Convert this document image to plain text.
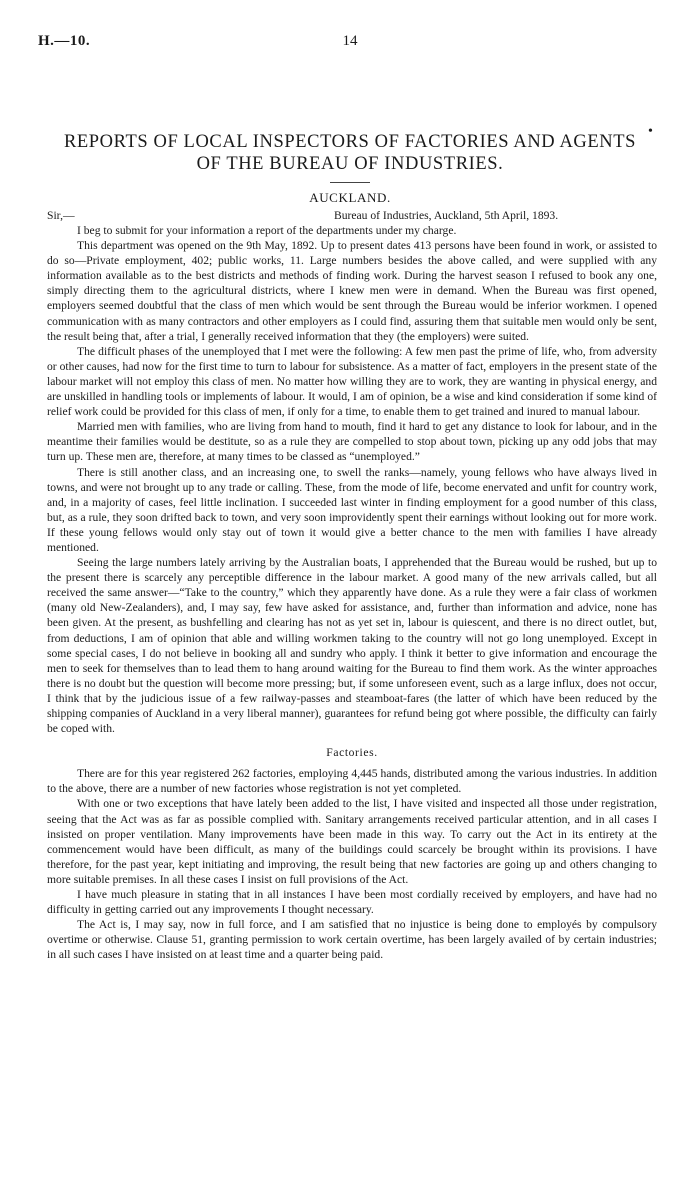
H.—10.	14
•
REPORTS OF LOCAL INSPECTORS OF FACTORIES AND AGENTS
OF THE BUREAU OF INDUSTRIES.
AUCKLAND.
Sir,—	Bureau of Industries, Auckland, 5th April, 1893.

I beg to submit for your information a report of the departments under my charge.

This department was opened on the 9th May, 1892. Up to present dates 413 persons have been found in work, or assisted to do so—Private employment, 402; public works, 11. Large numbers besides the above called, and were supplied with any information available as to the best districts and methods of finding work. During the harvest season I refused to book any one, simply directing them to the agricultural districts, where I knew men were in demand. When the Bureau was first opened, employers seemed doubtful that the class of men which would be sent through the Bureau would be inferior workmen. I opened communication with as many contractors and other employers as I could find, assuring them that suitable men would only be sent, the result being that, after a trial, I generally received information that they (the employers) were suited.

The difficult phases of the unemployed that I met were the following: A few men past the prime of life, who, from adversity or other causes, had now for the first time to turn to labour for subsistence. As a matter of fact, employers in the present state of the labour market will not employ this class of men. No matter how willing they are to work, they are wanting in physical energy, and are unskilled in handling tools or implements of labour. It would, I am of opinion, be a wise and kind consideration if some kind of relief work could be provided for this class of men, if only for a time, to enable them to get trained and inured to manual labour.

Married men with families, who are living from hand to mouth, find it hard to get any distance to look for labour, and in the meantime their families would be destitute, so as a rule they are compelled to stop about town, picking up any odd jobs that may turn up. These men are, therefore, at many times to be classed as “unemployed.”

There is still another class, and an increasing one, to swell the ranks—namely, young fellows who have always lived in towns, and were not brought up to any trade or calling. These, from the mode of life, become enervated and unfit for country work, and, in a majority of cases, feel little inclination. I succeeded last winter in finding employment for a good number of this class, but, as a rule, they soon drifted back to town, and very soon improvidently spent their earnings without looking out for more work. If these young fellows would only stay out of town it would give a better chance to the men with families I have already mentioned.

Seeing the large numbers lately arriving by the Australian boats, I apprehended that the Bureau would be rushed, but up to the present there is scarcely any perceptible difference in the labour market. A good many of the new arrivals called, but all received the same answer—“Take to the country,” which they apparently have done. As a rule they were a fair class of workmen (many old New-Zealanders), and, I may say, few have asked for assistance, and, further than information and advice, none has been given. At the present, as bushfelling and clearing has not as yet set in, labour is quiescent, and there is no direct outlet, but, from deductions, I am of opinion that able and willing workmen taking to the country will not go long unemployed. Except in some special cases, I do not believe in booking all and sundry who apply. I think it better to give information and encourage the men to seek for themselves than to lead them to hang around waiting for the Bureau to find them work. As the winter approaches there is no doubt but the question will become more pressing; but, if some unforeseen event, such as a large influx, does not occur, I think that by the judicious issue of a few railway-passes and steamboat-fares (the latter of which have been reduced by the shipping companies of Auckland in a very liberal manner), guarantees for refund being got where possible, the difficulty can fairly be coped with.

Factories.

There are for this year registered 262 factories, employing 4,445 hands, distributed among the various industries. In addition to the above, there are a number of new factories whose registration is not yet completed.

With one or two exceptions that have lately been added to the list, I have visited and inspected all those under registration, seeing that the Act was as far as possible complied with. Sanitary arrangements received particular attention, and in all cases I insisted on proper ventilation. Many improvements have been made in this way. To carry out the Act in its entirety at the commencement would have been difficult, as many of the buildings could scarcely be brought within its provisions. I have therefore, for the past year, kept initiating and improving, the result being that new factories are going up and others changing to more suitable premises. In all these cases I insist on full provisions of the Act.

I have much pleasure in stating that in all instances I have been most cordially received by employers, and have had no difficulty in getting carried out any improvements I thought necessary.

The Act is, I may say, now in full force, and I am satisfied that no injustice is being done to employés by compulsory overtime or otherwise. Clause 51, granting permission to work certain overtime, has been largely availed of by certain industries; in all such cases I have insisted on at least time and a quarter being paid.
